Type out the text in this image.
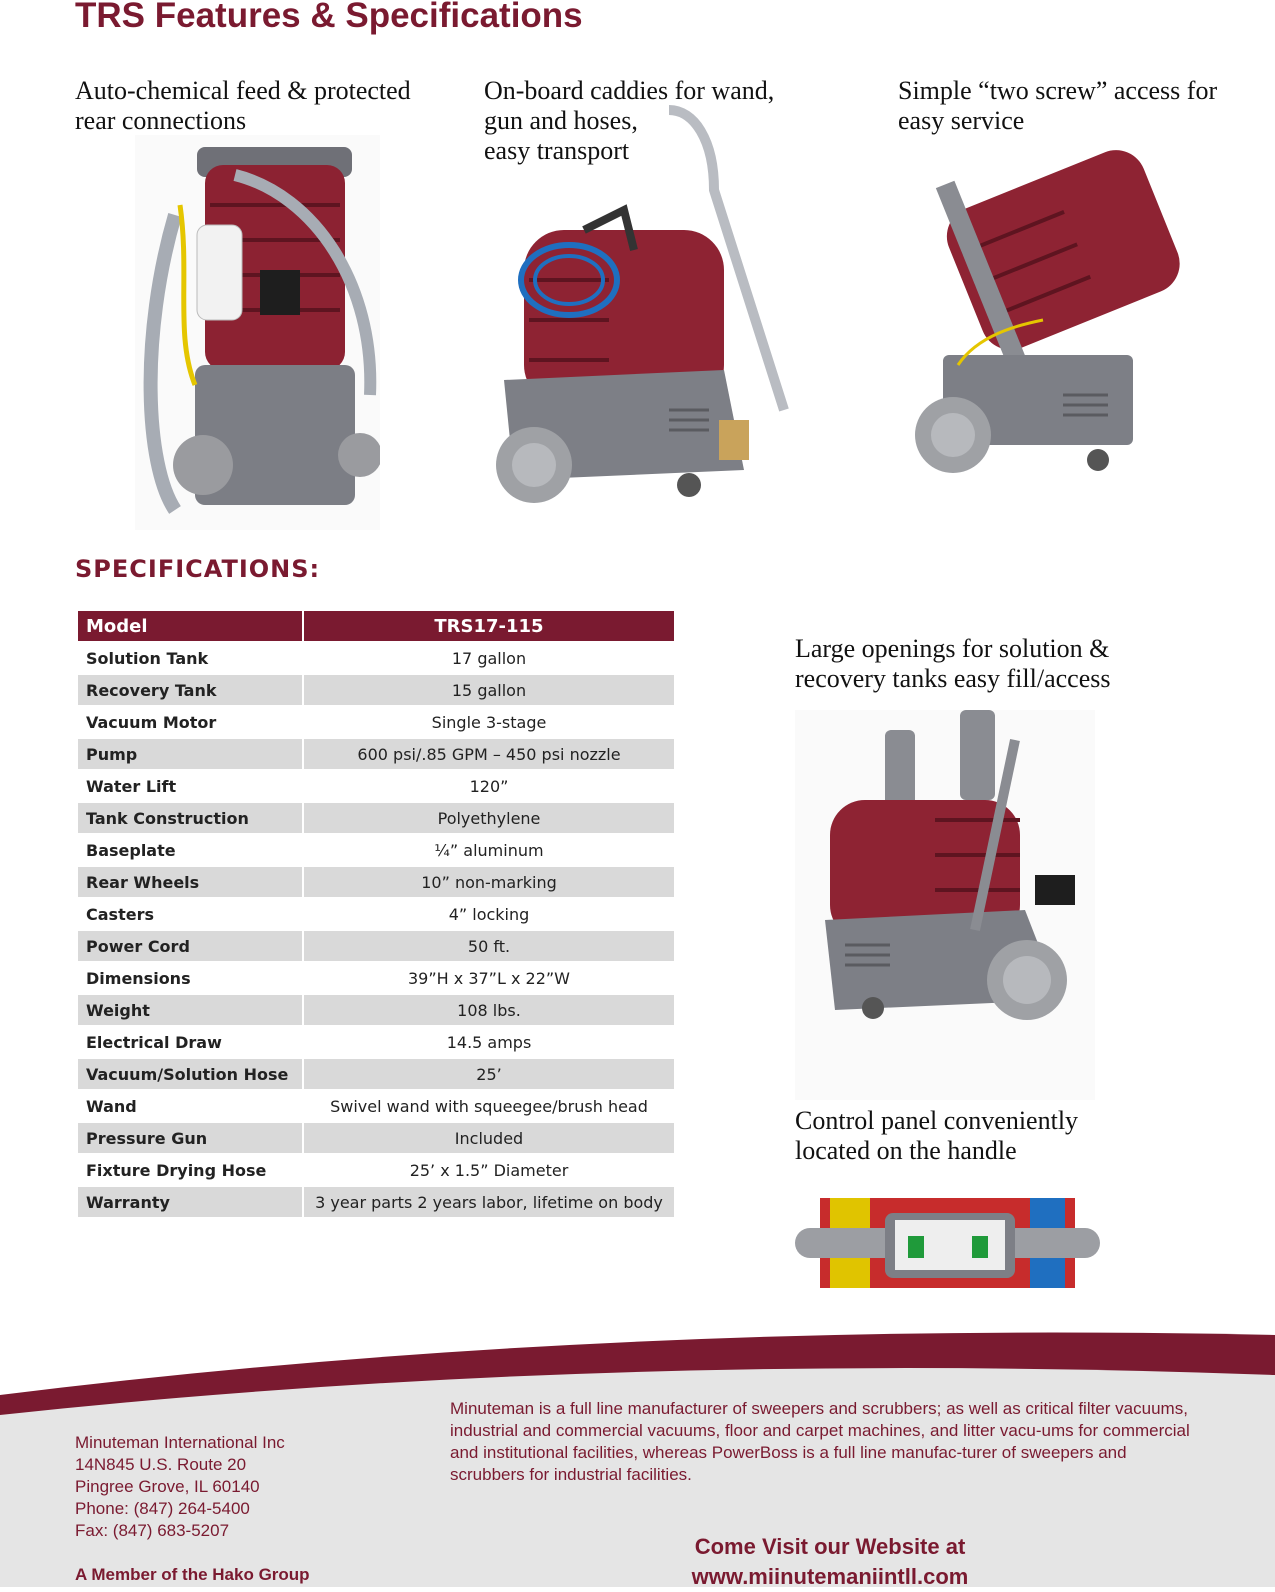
TRS Features & Specifications
Auto-chemical feed & protected
rear connections
On-board caddies for wand,
gun and hoses,
easy transport
Simple “two screw” access for
easy service
SPECIFICATIONS:
Model	TRS17-115
Solution Tank	17 gallon
Recovery Tank	15 gallon
Vacuum Motor	Single 3-stage
Pump	600 psi/.85 GPM – 450 psi nozzle
Water Lift	120”
Tank Construction	Polyethylene
Baseplate	¼” aluminum
Rear Wheels	10” non-marking
Casters	4” locking
Power Cord	50 ft.
Dimensions	39”H x 37”L x 22”W
Weight	108 lbs.
Electrical Draw	14.5 amps
Vacuum/Solution Hose	25’
Wand	Swivel wand with squeegee/brush head
Pressure Gun	Included
Fixture Drying Hose	25’ x 1.5” Diameter
Warranty	3 year parts 2 years labor, lifetime on body
Large openings for solution &
recovery tanks easy fill/access
Control panel conveniently
located on the handle
Minuteman International Inc
14N845 U.S. Route 20
Pingree Grove, IL 60140
Phone: (847) 264-5400
Fax: (847) 683-5207
A Member of the Hako Group
Minuteman is a full line manufacturer of sweepers and scrubbers; as well as critical filter vacuums, industrial and commercial vacuums, floor and carpet machines, and litter vacu-ums for commercial and institutional facilities, whereas PowerBoss is a full line manufac-turer of sweepers and scrubbers for industrial facilities.
Come Visit our Website at
www.miinutemaniintll.com
